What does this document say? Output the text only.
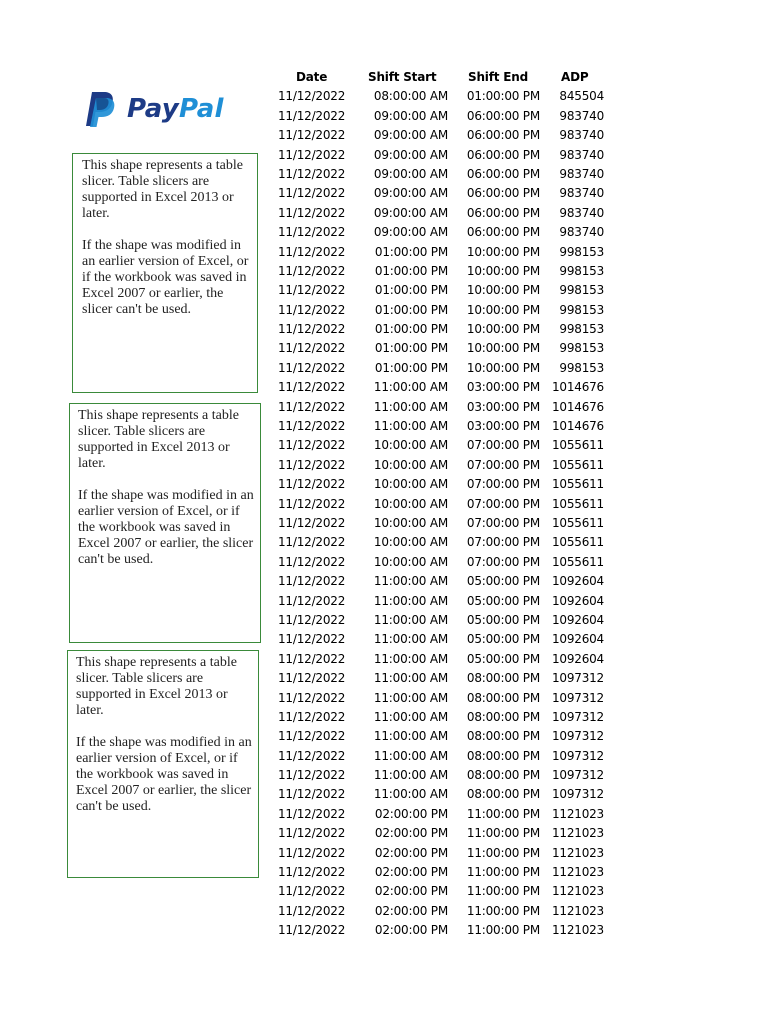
PayPal

This shape represents a table slicer. Table slicers are supported in Excel 2013 or later.

If the shape was modified in an earlier version of Excel, or if the workbook was saved in Excel 2007 or earlier, the slicer can't be used.

This shape represents a table slicer. Table slicers are supported in Excel 2013 or later.

If the shape was modified in an earlier version of Excel, or if the workbook was saved in Excel 2007 or earlier, the slicer can't be used.

This shape represents a table slicer. Table slicers are supported in Excel 2013 or later.

If the shape was modified in an earlier version of Excel, or if the workbook was saved in Excel 2007 or earlier, the slicer can't be used.

Date	Shift Start	Shift End	ADP
11/12/2022	08:00:00 AM	01:00:00 PM	845504
11/12/2022	09:00:00 AM	06:00:00 PM	983740
11/12/2022	09:00:00 AM	06:00:00 PM	983740
11/12/2022	09:00:00 AM	06:00:00 PM	983740
11/12/2022	09:00:00 AM	06:00:00 PM	983740
11/12/2022	09:00:00 AM	06:00:00 PM	983740
11/12/2022	09:00:00 AM	06:00:00 PM	983740
11/12/2022	09:00:00 AM	06:00:00 PM	983740
11/12/2022	01:00:00 PM	10:00:00 PM	998153
11/12/2022	01:00:00 PM	10:00:00 PM	998153
11/12/2022	01:00:00 PM	10:00:00 PM	998153
11/12/2022	01:00:00 PM	10:00:00 PM	998153
11/12/2022	01:00:00 PM	10:00:00 PM	998153
11/12/2022	01:00:00 PM	10:00:00 PM	998153
11/12/2022	01:00:00 PM	10:00:00 PM	998153
11/12/2022	11:00:00 AM	03:00:00 PM 1014676
11/12/2022	11:00:00 AM	03:00:00 PM 1014676
11/12/2022	11:00:00 AM	03:00:00 PM 1014676
11/12/2022	10:00:00 AM	07:00:00 PM 1055611
11/12/2022	10:00:00 AM	07:00:00 PM 1055611
11/12/2022	10:00:00 AM	07:00:00 PM 1055611
11/12/2022	10:00:00 AM	07:00:00 PM 1055611
11/12/2022	10:00:00 AM	07:00:00 PM 1055611
11/12/2022	10:00:00 AM	07:00:00 PM 1055611
11/12/2022	10:00:00 AM	07:00:00 PM 1055611
11/12/2022	11:00:00 AM	05:00:00 PM 1092604
11/12/2022	11:00:00 AM	05:00:00 PM 1092604
11/12/2022	11:00:00 AM	05:00:00 PM 1092604
11/12/2022	11:00:00 AM	05:00:00 PM 1092604
11/12/2022	11:00:00 AM	05:00:00 PM 1092604
11/12/2022	11:00:00 AM	08:00:00 PM 1097312
11/12/2022	11:00:00 AM	08:00:00 PM 1097312
11/12/2022	11:00:00 AM	08:00:00 PM 1097312
11/12/2022	11:00:00 AM	08:00:00 PM 1097312
11/12/2022	11:00:00 AM	08:00:00 PM 1097312
11/12/2022	11:00:00 AM	08:00:00 PM 1097312
11/12/2022	11:00:00 AM	08:00:00 PM 1097312
11/12/2022	02:00:00 PM	11:00:00 PM 1121023
11/12/2022	02:00:00 PM	11:00:00 PM 1121023
11/12/2022	02:00:00 PM	11:00:00 PM 1121023
11/12/2022	02:00:00 PM	11:00:00 PM 1121023
11/12/2022	02:00:00 PM	11:00:00 PM 1121023
11/12/2022	02:00:00 PM	11:00:00 PM 1121023
11/12/2022	02:00:00 PM	11:00:00 PM 1121023
